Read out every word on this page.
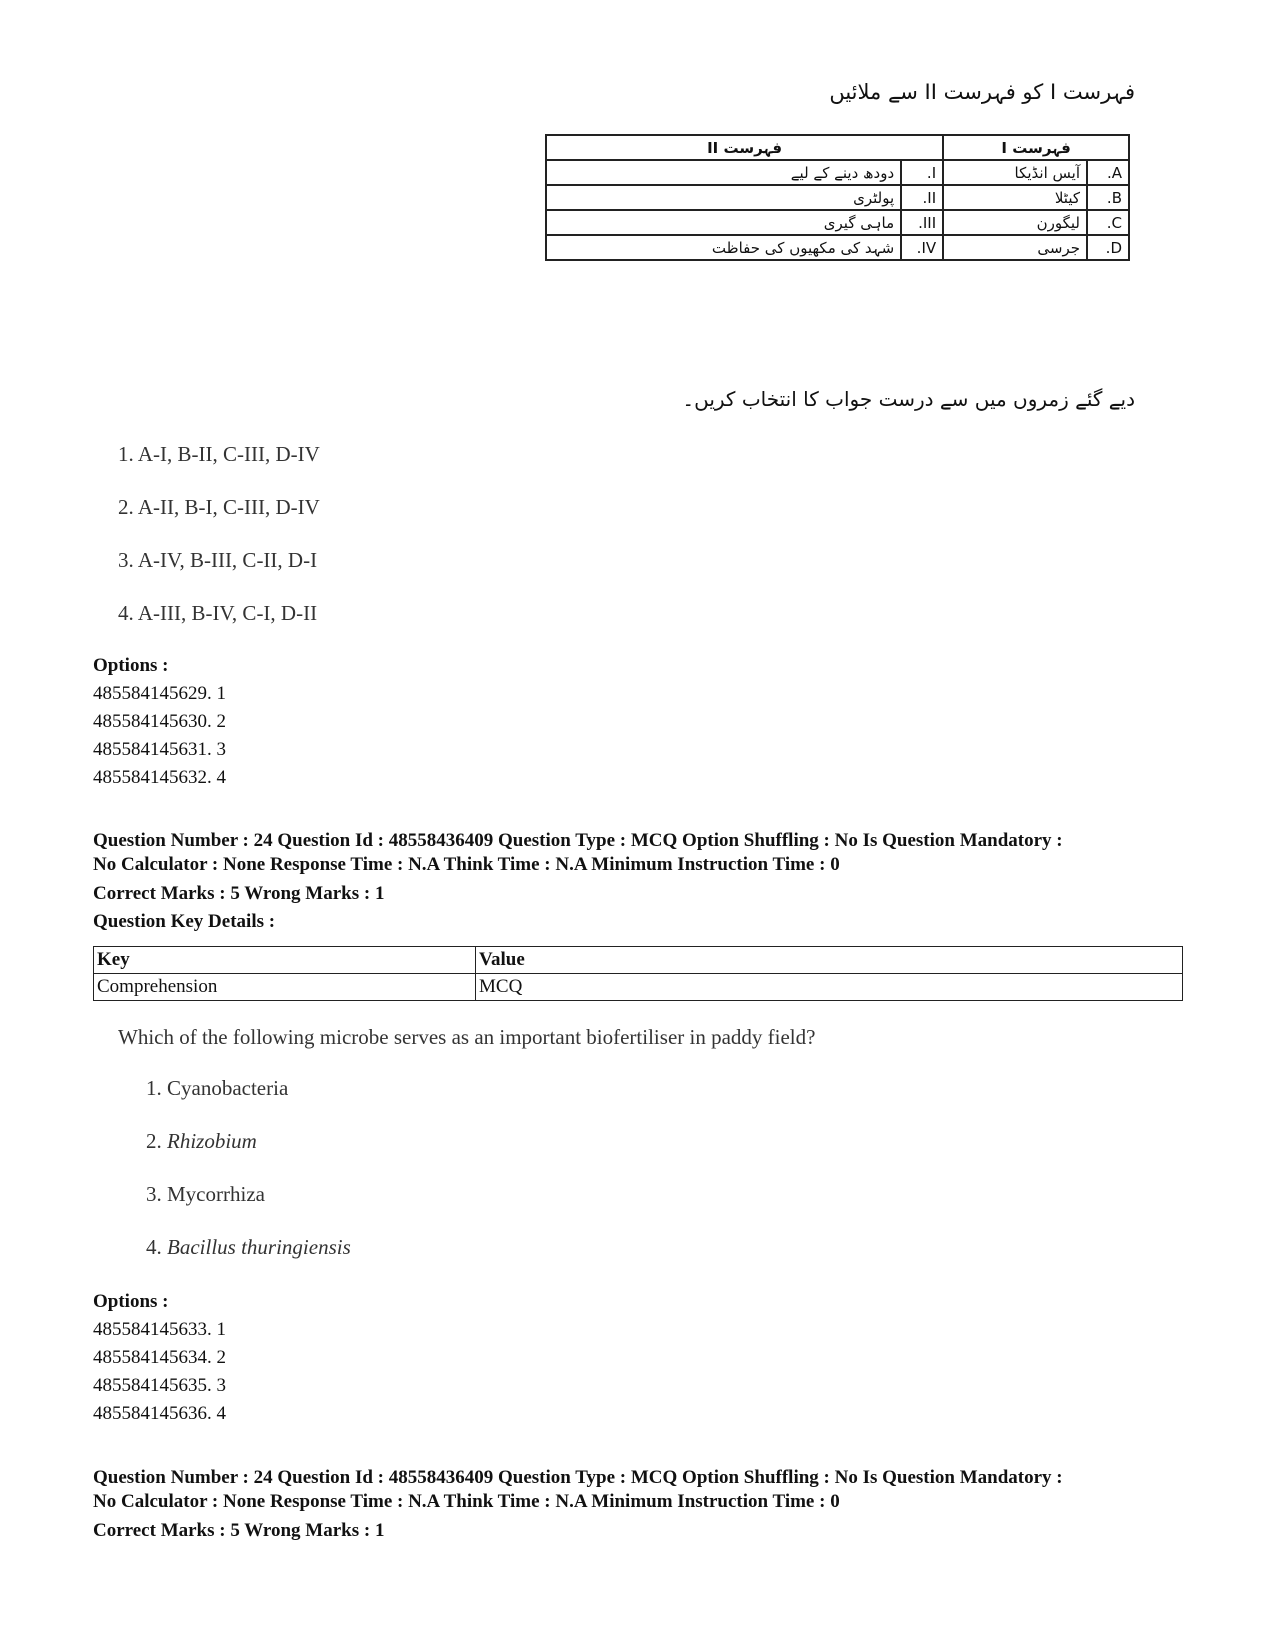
فہرست I کو فہرست II سے ملائیں
فہرست I		فہرست II	
A.	آیس انڈیکا	I.	دودھ دینے کے لیے
B.	کیٹلا	II.	پولٹری
C.	لیگورن	III.	ماہی گیری
D.	جرسی	IV.	شہد کی مکھیوں کی حفاظت
دیے گئے زمروں میں سے درست جواب کا انتخاب کریں۔
1. A-I, B-II, C-III, D-IV
2. A-II, B-I, C-III, D-IV
3. A-IV, B-III, C-II, D-I
4. A-III, B-IV, C-I, D-II
Options :
485584145629. 1
485584145630. 2
485584145631. 3
485584145632. 4
Question Number : 24 Question Id : 48558436409 Question Type : MCQ Option Shuffling : No Is Question Mandatory :
No Calculator : None Response Time : N.A Think Time : N.A Minimum Instruction Time : 0
Correct Marks : 5 Wrong Marks : 1
Question Key Details :
Key	Value
Comprehension	MCQ
Which of the following microbe serves as an important biofertiliser in paddy field?
1. Cyanobacteria
2. Rhizobium
3. Mycorrhiza
4. Bacillus thuringiensis
Options :
485584145633. 1
485584145634. 2
485584145635. 3
485584145636. 4
Question Number : 24 Question Id : 48558436409 Question Type : MCQ Option Shuffling : No Is Question Mandatory :
No Calculator : None Response Time : N.A Think Time : N.A Minimum Instruction Time : 0
Correct Marks : 5 Wrong Marks : 1
